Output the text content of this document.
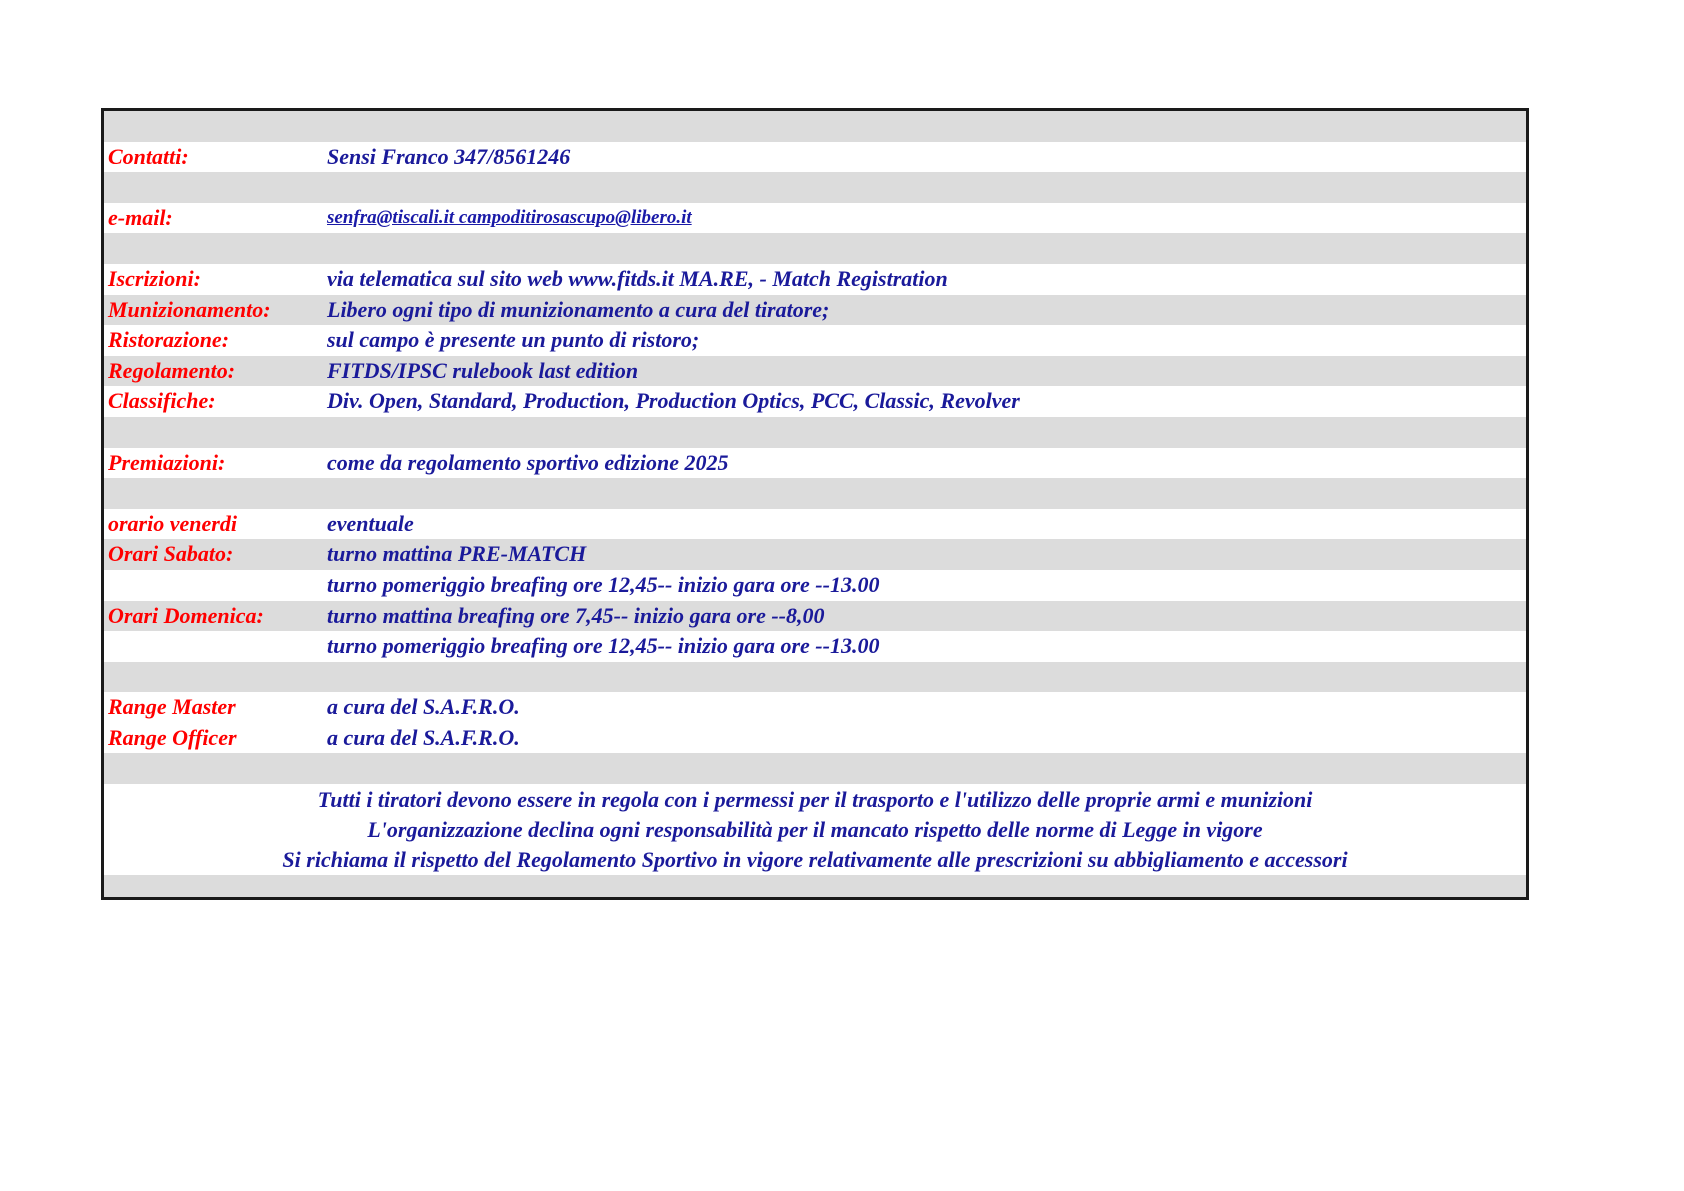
Contatti:	Sensi Franco 347/8561246
e-mail:	senfra@tiscali.it campoditirosascupo@libero.it
Iscrizioni:	via telematica sul sito web www.fitds.it MA.RE, - Match Registration
Munizionamento:	Libero ogni tipo di munizionamento a cura del tiratore;
Ristorazione:	sul campo è presente un punto di ristoro;
Regolamento:	FITDS/IPSC rulebook last edition
Classifiche:	Div. Open, Standard, Production, Production Optics, PCC, Classic, Revolver
Premiazioni:	come da regolamento sportivo edizione 2025
orario venerdi	eventuale
Orari Sabato:	turno mattina PRE-MATCH
turno pomeriggio breafing ore 12,45-- inizio gara ore --13.00
Orari Domenica:	turno mattina breafing ore 7,45-- inizio gara ore --8,00
turno pomeriggio breafing ore 12,45-- inizio gara ore --13.00
Range Master	a cura del S.A.F.R.O.
Range Officer	a cura del S.A.F.R.O.
Tutti i tiratori devono essere in regola con i permessi per il trasporto e l'utilizzo delle proprie armi e munizioni
L'organizzazione declina ogni responsabilità per il mancato rispetto delle norme di Legge in vigore
Si richiama il rispetto del Regolamento Sportivo in vigore relativamente alle prescrizioni su abbigliamento e accessori
